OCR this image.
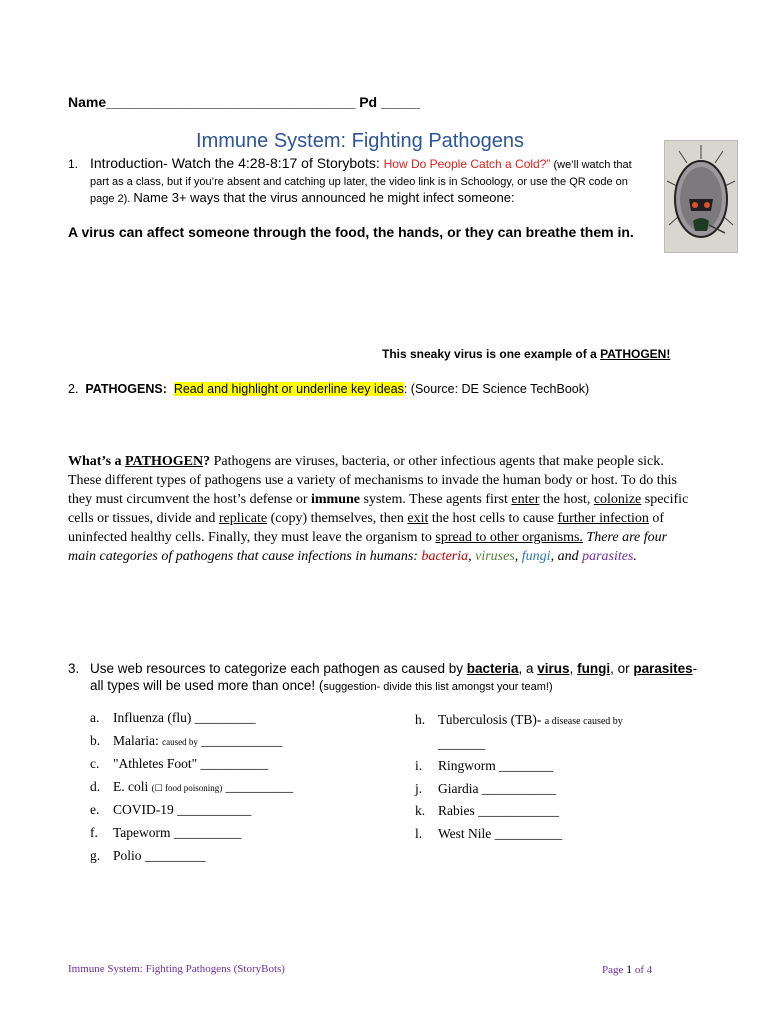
Name________________________________ Pd _____
Immune System: Fighting Pathogens
1. Introduction- Watch the 4:28-8:17 of Storybots: How Do People Catch a Cold?” (we’ll watch that part as a class, but if you’re absent and catching up later, the video link is in Schoology, or use the QR code on page 2). Name 3+ ways that the virus announced he might infect someone:
A virus can affect someone through the food, the hands, or they can breathe them in.
This sneaky virus is one example of a PATHOGEN!
2. PATHOGENS: Read and highlight or underline key ideas: (Source: DE Science TechBook)
What’s a PATHOGEN? Pathogens are viruses, bacteria, or other infectious agents that make people sick. These different types of pathogens use a variety of mechanisms to invade the human body or host. To do this they must circumvent the host’s defense or immune system. These agents first enter the host, colonize specific cells or tissues, divide and replicate (copy) themselves, then exit the host cells to cause further infection of uninfected healthy cells. Finally, they must leave the organism to spread to other organisms. There are four main categories of pathogens that cause infections in humans: bacteria, viruses, fungi, and parasites.
3. Use web resources to categorize each pathogen as caused by bacteria, a virus, fungi, or parasites- all types will be used more than once! (suggestion- divide this list amongst your team!)
a. Influenza (flu) _________
b. Malaria: caused by ____________
c. "Athletes Foot" __________
d. E. coli (☐ food poisoning) __________
e. COVID-19 ___________
f. Tapeworm __________
g. Polio _________
h. Tuberculosis (TB)- a disease caused by
_______
i. Ringworm ________
j. Giardia ___________
k. Rabies ____________
l. West Nile __________
Immune System: Fighting Pathogens (StoryBots)	Page 1 of 4
